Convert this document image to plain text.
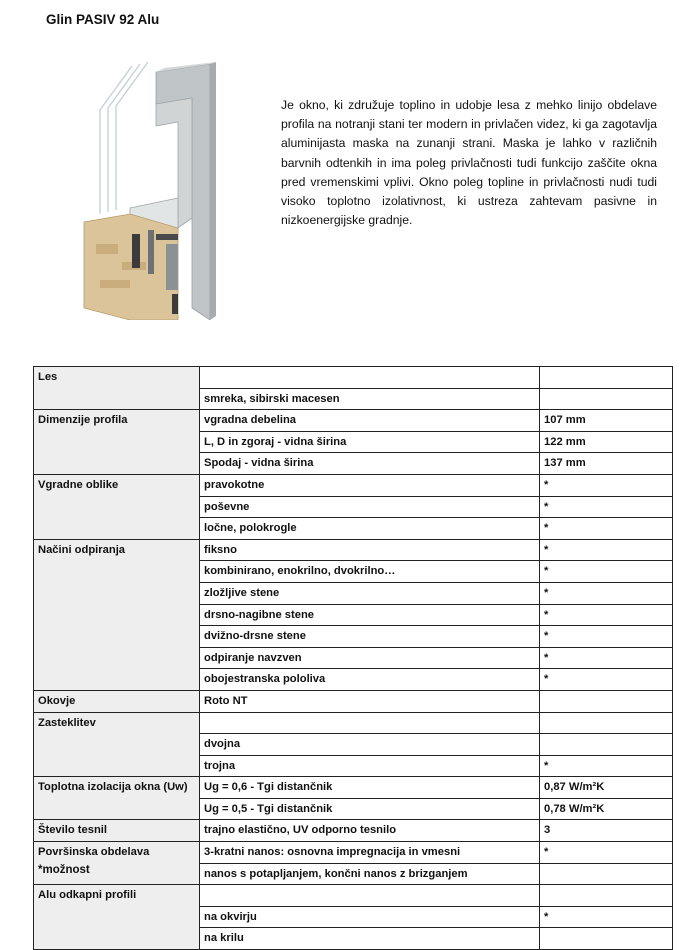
Glin PASIV 92 Alu
Je okno, ki združuje toplino in udobje lesa z mehko linijo obdelave profila na notranji stani ter modern in privlačen videz, ki ga zagotavlja aluminijasta maska na zunanji strani. Maska je lahko v različnih barvnih odtenkih in ima poleg privlačnosti tudi funkcijo zaščite okna pred vremenskimi vplivi. Okno poleg topline in privlačnosti nudi tudi visoko toplotno izolativnost, ki ustreza zahtevam pasivne in nizkoenergijske gradnje.
Les		
	smreka, sibirski macesen	
Dimenzije profila	vgradna debelina	107 mm
	L, D in zgoraj - vidna širina	122 mm
	Spodaj - vidna širina	137 mm
Vgradne oblike	pravokotne	*
	poševne	*
	ločne, polokrogle	*
Načini odpiranja	fiksno	*
	kombinirano, enokrilno, dvokrilno…	*
	zložljive stene	*
	drsno-nagibne stene	*
	dvižno-drsne stene	*
	odpiranje navzven	*
	obojestranska pololiva	*
Okovje	Roto NT	
Zasteklitev		
	dvojna	
	trojna	*
Toplotna izolacija okna (Uw)	Ug = 0,6 - Tgi distančnik	0,87 W/m²K
	Ug = 0,5 - Tgi distančnik	0,78 W/m²K
Število tesnil	trajno elastično, UV odporno tesnilo	3
Površinska obdelava	3-kratni nanos: osnovna impregnacija in vmesni	*
	nanos s potapljanjem, končni nanos z brizganjem	
Alu odkapni profili		
	na okvirju	*
	na krilu	
*možnost
